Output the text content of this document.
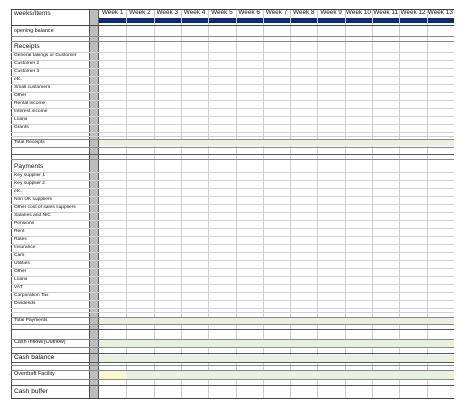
weeks/Items
opening balance
Receipts
General takings or Customer
Customer 2
Customer 3
etc.
Small customers
Other
Rental income
Interest income
Loans
Grants
Total Receipts
Payments
Key supplier 1
Key supplier 2
etc.
Non UK suppliers
Other cost of sales suppliers
Salaries and NIC
Pensions
Rent
Rates
Insurance
Cars
Utilities
Other
Loans
VAT
Corporation Tax
Dividends
Total Payments
Cash Inflow/(Outflow)
Cash balance
Overdraft Facility
Cash buffer
Week 1 Week 2 Week 3 Week 4 Week 5 Week 6 Week 7 Week 8 Week 9 Week 10 Week 11 Week 12 Week 13
